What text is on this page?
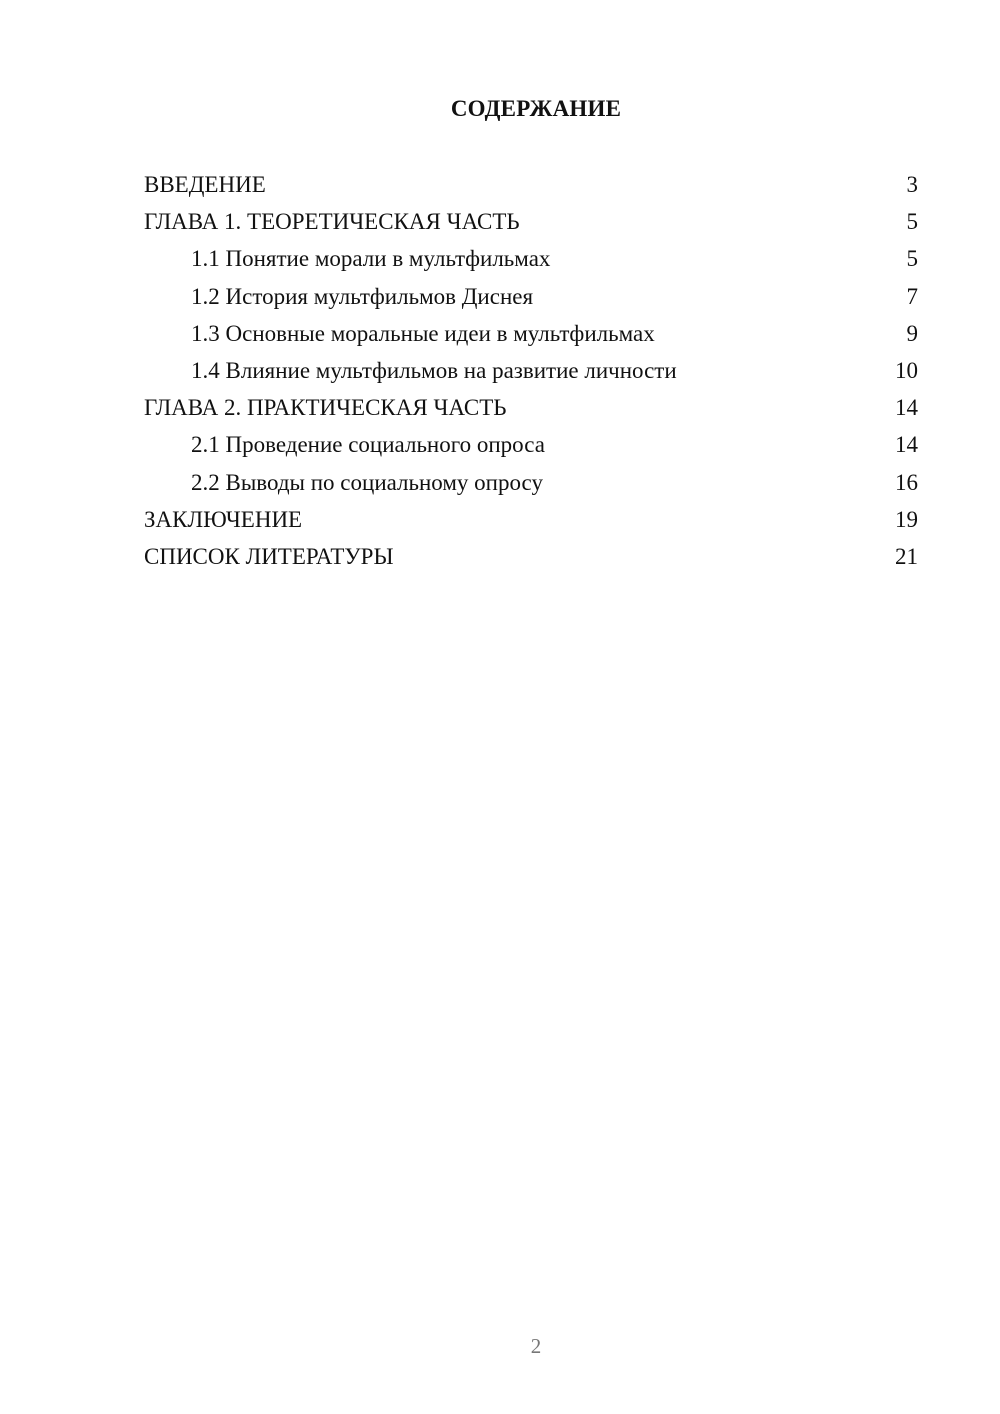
СОДЕРЖАНИЕ
ВВЕДЕНИЕ	3
ГЛАВА 1. ТЕОРЕТИЧЕСКАЯ ЧАСТЬ	5
1.1 Понятие морали в мультфильмах	5
1.2 История мультфильмов Диснея	7
1.3 Основные моральные идеи в мультфильмах	9
1.4 Влияние мультфильмов на развитие личности	10
ГЛАВА 2. ПРАКТИЧЕСКАЯ ЧАСТЬ	14
2.1 Проведение социального опроса	14
2.2 Выводы по социальному опросу	16
ЗАКЛЮЧЕНИЕ	19
СПИСОК ЛИТЕРАТУРЫ	21
2
